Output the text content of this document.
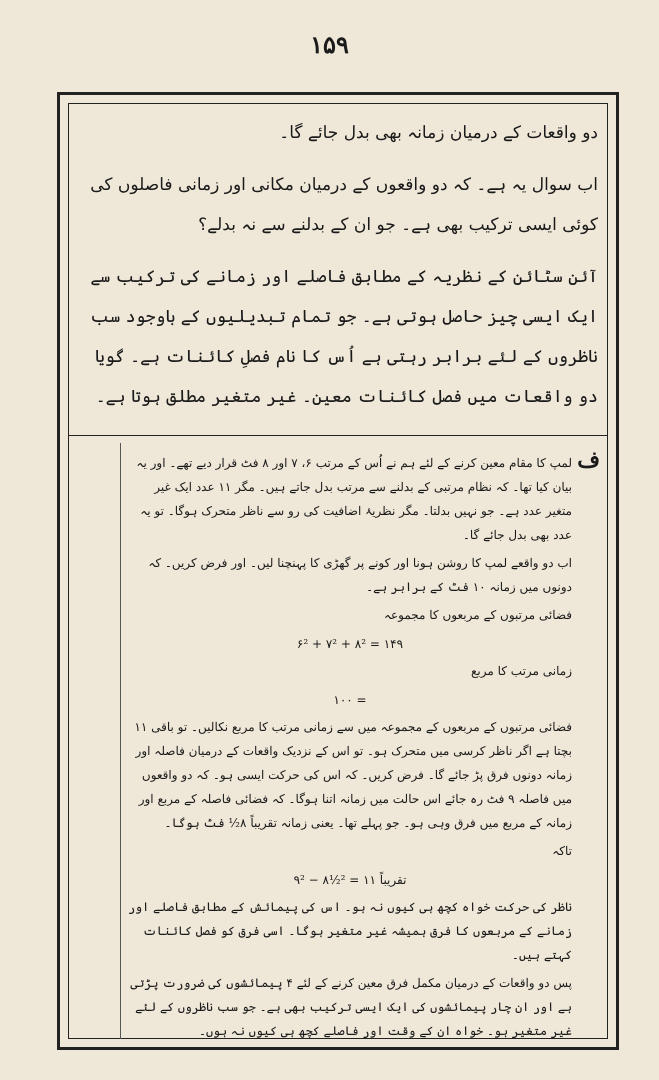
۱۵۹

دو واقعات کے درمیان زمانہ بھی بدل جائے گا۔

اب سوال یہ ہے۔ کہ دو واقعوں کے درمیان مکانی اور زمانی فاصلوں کی کوئی ایسی ترکیب بھی ہے۔ جو ان کے بدلنے سے نہ بدلے؟

آئن سٹائن کے نظریہ کے مطابق فاصلے اور زمانے کی ترکیب سے ایک ایسی چیز حاصل ہوتی ہے۔ جو تمام تبدیلیوں کے باوجود سب ناظروں کے لئے برابر رہتی ہے اُس کا نام فصلِ کائنات ہے۔ گویا دو واقعات میں فصل کائنات معین۔ غیر متغیر مطلق ہوتا ہے۔

ف

لمپ کا مقام معین کرنے کے لئے ہم نے اُس کے مرتب ۶، ۷ اور ۸ فٹ قرار دیے تھے۔ اور یہ بیان کیا تھا۔ کہ نظام مرتبی کے بدلنے سے مرتب بدل جاتے ہیں۔ مگر ۱۱ عدد ایک غیر متغیر عدد ہے۔ جو نہیں بدلتا۔ مگر نظریۂ اضافیت کی رو سے ناظر متحرک ہوگا۔ تو یہ عدد بھی بدل جائے گا۔

اب دو واقعے لمپ کا روشن ہونا اور کونے پر گھڑی کا پہنچنا لیں۔ اور فرض کریں۔ کہ دونوں میں زمانہ ۱۰ فٹ کے برابر ہے۔

فضائی مرتبوں کے مربعوں کا مجموعہ

۶² + ۷² + ۸² = ۱۴۹

زمانی مرتب کا مربع

۱۰۰ =

فضائی مرتبوں کے مربعوں کے مجموعہ میں سے زمانی مرتب کا مربع نکالیں۔ تو باقی ۱۱ بچتا ہے اگر ناظر کرسی میں متحرک ہو۔ تو اس کے نزدیک واقعات کے درمیان فاصلہ اور زمانہ دونوں فرق پڑ جائے گا۔ فرض کریں۔ کہ اس کی حرکت ایسی ہو۔ کہ دو واقعوں میں فاصلہ ۹ فٹ رہ جائے اس حالت میں زمانہ اتنا ہوگا۔ کہ فضائی فاصلہ کے مربع اور زمانہ کے مربع میں فرق وہی ہو۔ جو پہلے تھا۔ یعنی زمانہ تقریباً ۸½ فٹ ہوگا۔

تاکہ

۹² − ۸½² = تقریباً ۱۱

ناظر کی حرکت خواہ کچھ ہی کیوں نہ ہو۔ اس کی پیمائش کے مطابق فاصلے اور زمانے کے مربعوں کا فرق ہمیشہ غیر متغیر ہوگا۔ اسی فرق کو فصل کائنات کہتے ہیں۔

پس دو واقعات کے درمیان مکمل فرق معین کرنے کے لئے ۴ پیمائشوں کی ضرورت پڑتی ہے اور ان چار پیمائشوں کی ایک ایسی ترکیب بھی ہے۔ جو سب ناظروں کے لئے غیر متغیر ہو۔ خواہ ان کے وقت اور فاصلے کچھ ہی کیوں نہ ہوں۔
